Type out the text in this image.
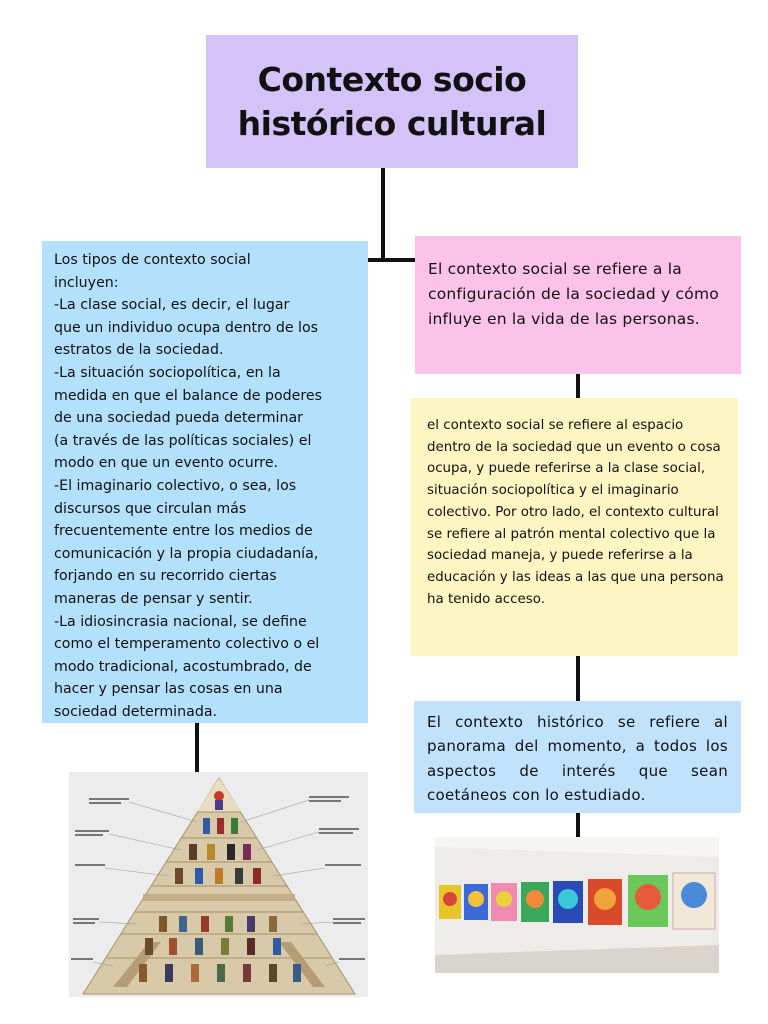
Contexto socio
histórico cultural

Los tipos de contexto social
incluyen:
-La clase social, es decir, el lugar
que un individuo ocupa dentro de los
estratos de la sociedad.
-La situación sociopolítica, en la
medida en que el balance de poderes
de una sociedad pueda determinar
(a través de las políticas sociales) el
modo en que un evento ocurre.
-El imaginario colectivo, o sea, los
discursos que circulan más
frecuentemente entre los medios de
comunicación y la propia ciudadanía,
forjando en su recorrido ciertas
maneras de pensar y sentir.
-La idiosincrasia nacional, se define
como el temperamento colectivo o el
modo tradicional, acostumbrado, de
hacer y pensar las cosas en una
sociedad determinada.

El contexto social se refiere a la configuración de la sociedad y cómo influye en la vida de las personas.

el contexto social se refiere al espacio dentro de la sociedad que un evento o cosa ocupa, y puede referirse a la clase social, situación sociopolítica y el imaginario colectivo. Por otro lado, el contexto cultural se refiere al patrón mental colectivo que la sociedad maneja, y puede referirse a la educación y las ideas a las que una persona ha tenido acceso.

El contexto histórico se refiere al panorama del momento, a todos los aspectos de interés que sean coetáneos con lo estudiado.
